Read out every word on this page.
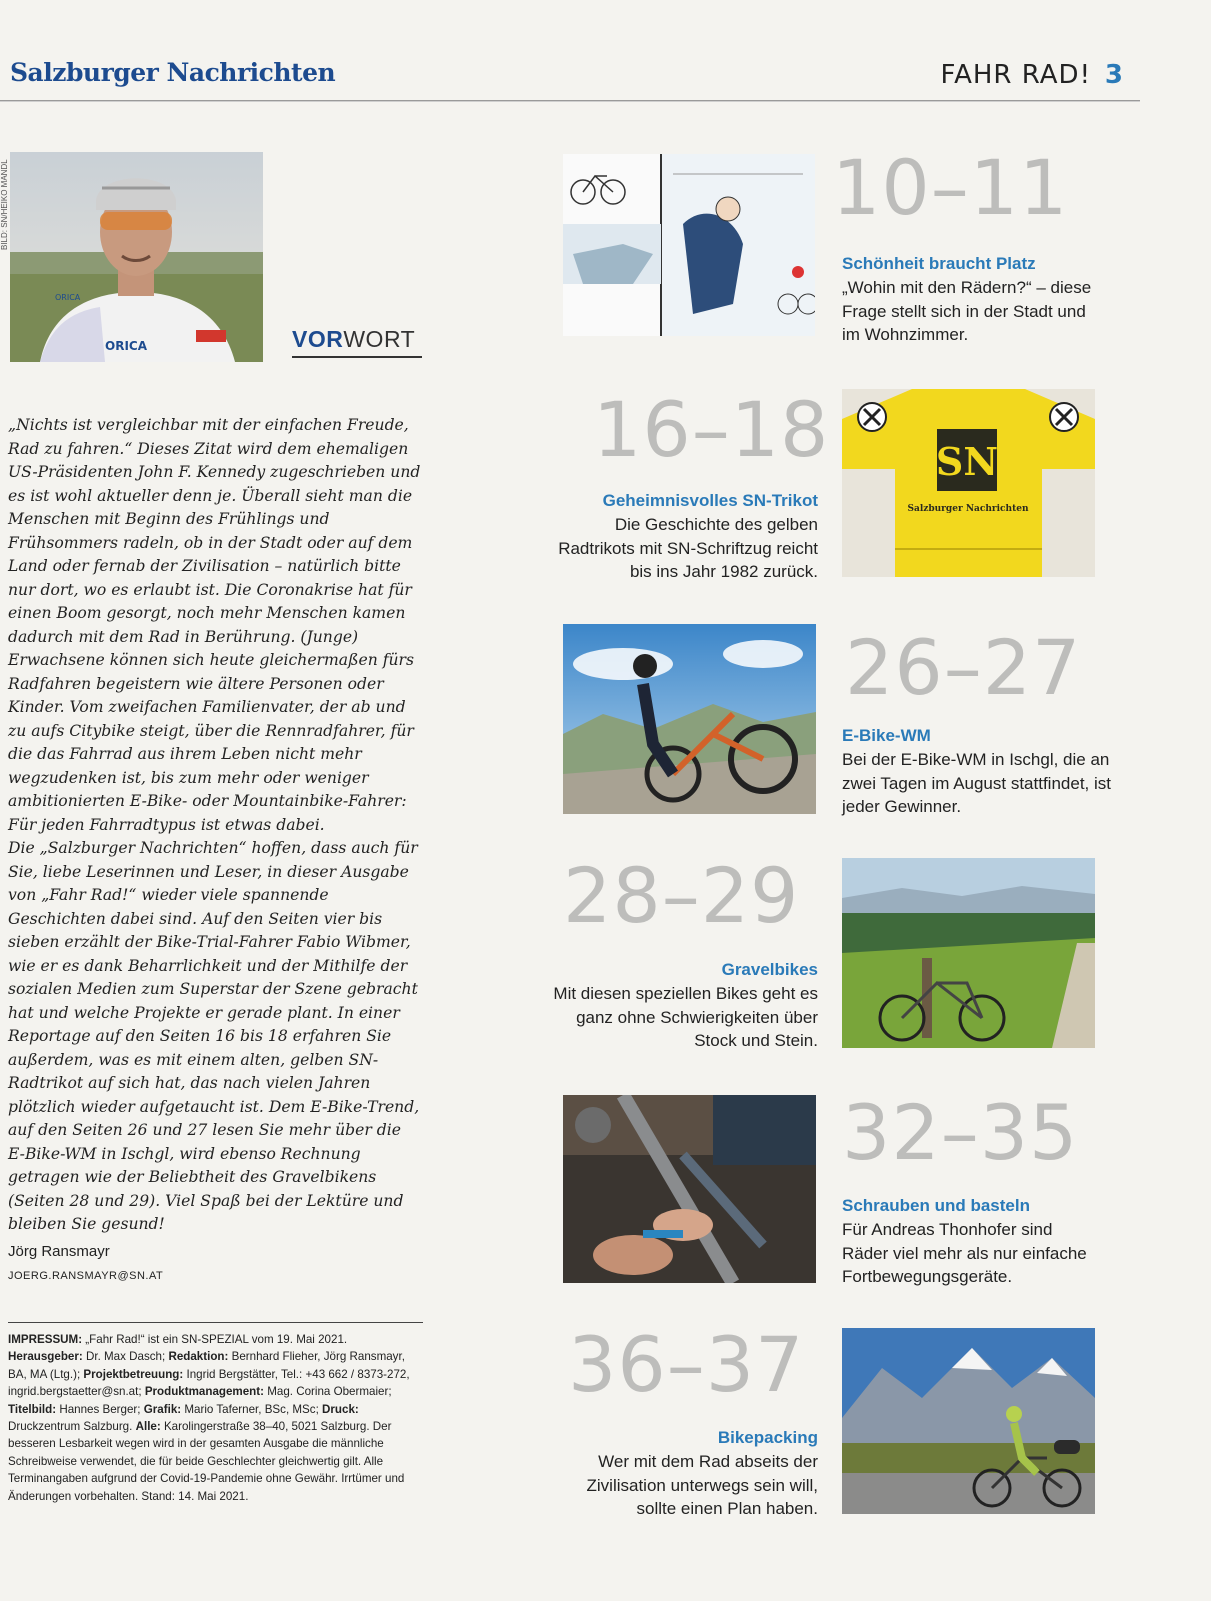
Salzburger Nachrichten	FAHR RAD! 3
ORICA
ORICA
BILD: SN/HEIKO MANDL
VORWORT

„Nichts ist vergleichbar mit der einfachen Freude, Rad zu fahren.“ Dieses Zitat wird dem ehemaligen US-Präsidenten John F. Kennedy zugeschrieben und es ist wohl aktueller denn je. Überall sieht man die Menschen mit Beginn des Frühlings und Frühsommers radeln, ob in der Stadt oder auf dem Land oder fernab der Zivilisation – natürlich bitte nur dort, wo es erlaubt ist. Die Coronakrise hat für einen Boom gesorgt, noch mehr Menschen kamen dadurch mit dem Rad in Berührung. (Junge) Erwachsene können sich heute gleichermaßen fürs Radfahren begeistern wie ältere Personen oder Kinder. Vom zweifachen Familienvater, der ab und zu aufs Citybike steigt, über die Rennradfahrer, für die das Fahrrad aus ihrem Leben nicht mehr wegzudenken ist, bis zum mehr oder weniger ambitionierten E-Bike- oder Mountainbike-Fahrer: Für jeden Fahrradtypus ist etwas dabei.

Die „Salzburger Nachrichten“ hoffen, dass auch für Sie, liebe Leserinnen und Leser, in dieser Ausgabe von „Fahr Rad!“ wieder viele spannende Geschichten dabei sind. Auf den Seiten vier bis sieben erzählt der Bike-Trial-Fahrer Fabio Wibmer, wie er es dank Beharrlichkeit und der Mithilfe der sozialen Medien zum Superstar der Szene gebracht hat und welche Projekte er gerade plant. In einer Reportage auf den Seiten 16 bis 18 erfahren Sie außerdem, was es mit einem alten, gelben SN-Radtrikot auf sich hat, das nach vielen Jahren plötzlich wieder aufgetaucht ist. Dem E-Bike-Trend, auf den Seiten 26 und 27 lesen Sie mehr über die E-Bike-WM in Ischgl, wird ebenso Rechnung getragen wie der Beliebtheit des Gravelbikens (Seiten 28 und 29). Viel Spaß bei der Lektüre und bleiben Sie gesund!

Jörg Ransmayr
JOERG.RANSMAYR@SN.AT
IMPRESSUM: „Fahr Rad!“ ist ein SN-SPEZIAL vom 19. Mai 2021. Herausgeber: Dr. Max Dasch; Redaktion: Bernhard Flieher, Jörg Ransmayr, BA, MA (Ltg.); Projektbetreuung: Ingrid Bergstätter, Tel.: +43 662 / 8373-272, ingrid.bergstaetter@sn.at; Produktmanagement: Mag. Corina Obermaier; Titelbild: Hannes Berger; Grafik: Mario Taferner, BSc, MSc; Druck: Druckzentrum Salzburg. Alle: Karolingerstraße 38–40, 5021 Salzburg. Der besseren Lesbarkeit wegen wird in der gesamten Ausgabe die männliche Schreibweise verwendet, die für beide Geschlechter gleichwertig gilt. Alle Terminangaben aufgrund der Covid-19-Pandemie ohne Gewähr. Irrtümer und Änderungen vorbehalten. Stand: 14. Mai 2021.
10–11
Schönheit braucht Platz
„Wohin mit den Rädern?“ – diese Frage stellt sich in der Stadt und im Wohnzimmer.
16–18
Geheimnisvolles SN-Trikot
Die Geschichte des gelben Radtrikots mit SN-Schriftzug reicht bis ins Jahr 1982 zurück.
SN
Salzburger Nachrichten
26–27
E-Bike-WM
Bei der E-Bike-WM in Ischgl, die an zwei Tagen im August stattfindet, ist jeder Gewinner.
28–29
Gravelbikes
Mit diesen speziellen Bikes geht es ganz ohne Schwierigkeiten über Stock und Stein.
32–35
Schrauben und basteln
Für Andreas Thonhofer sind Räder viel mehr als nur einfache Fortbewegungsgeräte.
36–37
Bikepacking
Wer mit dem Rad abseits der Zivilisation unterwegs sein will, sollte einen Plan haben.
